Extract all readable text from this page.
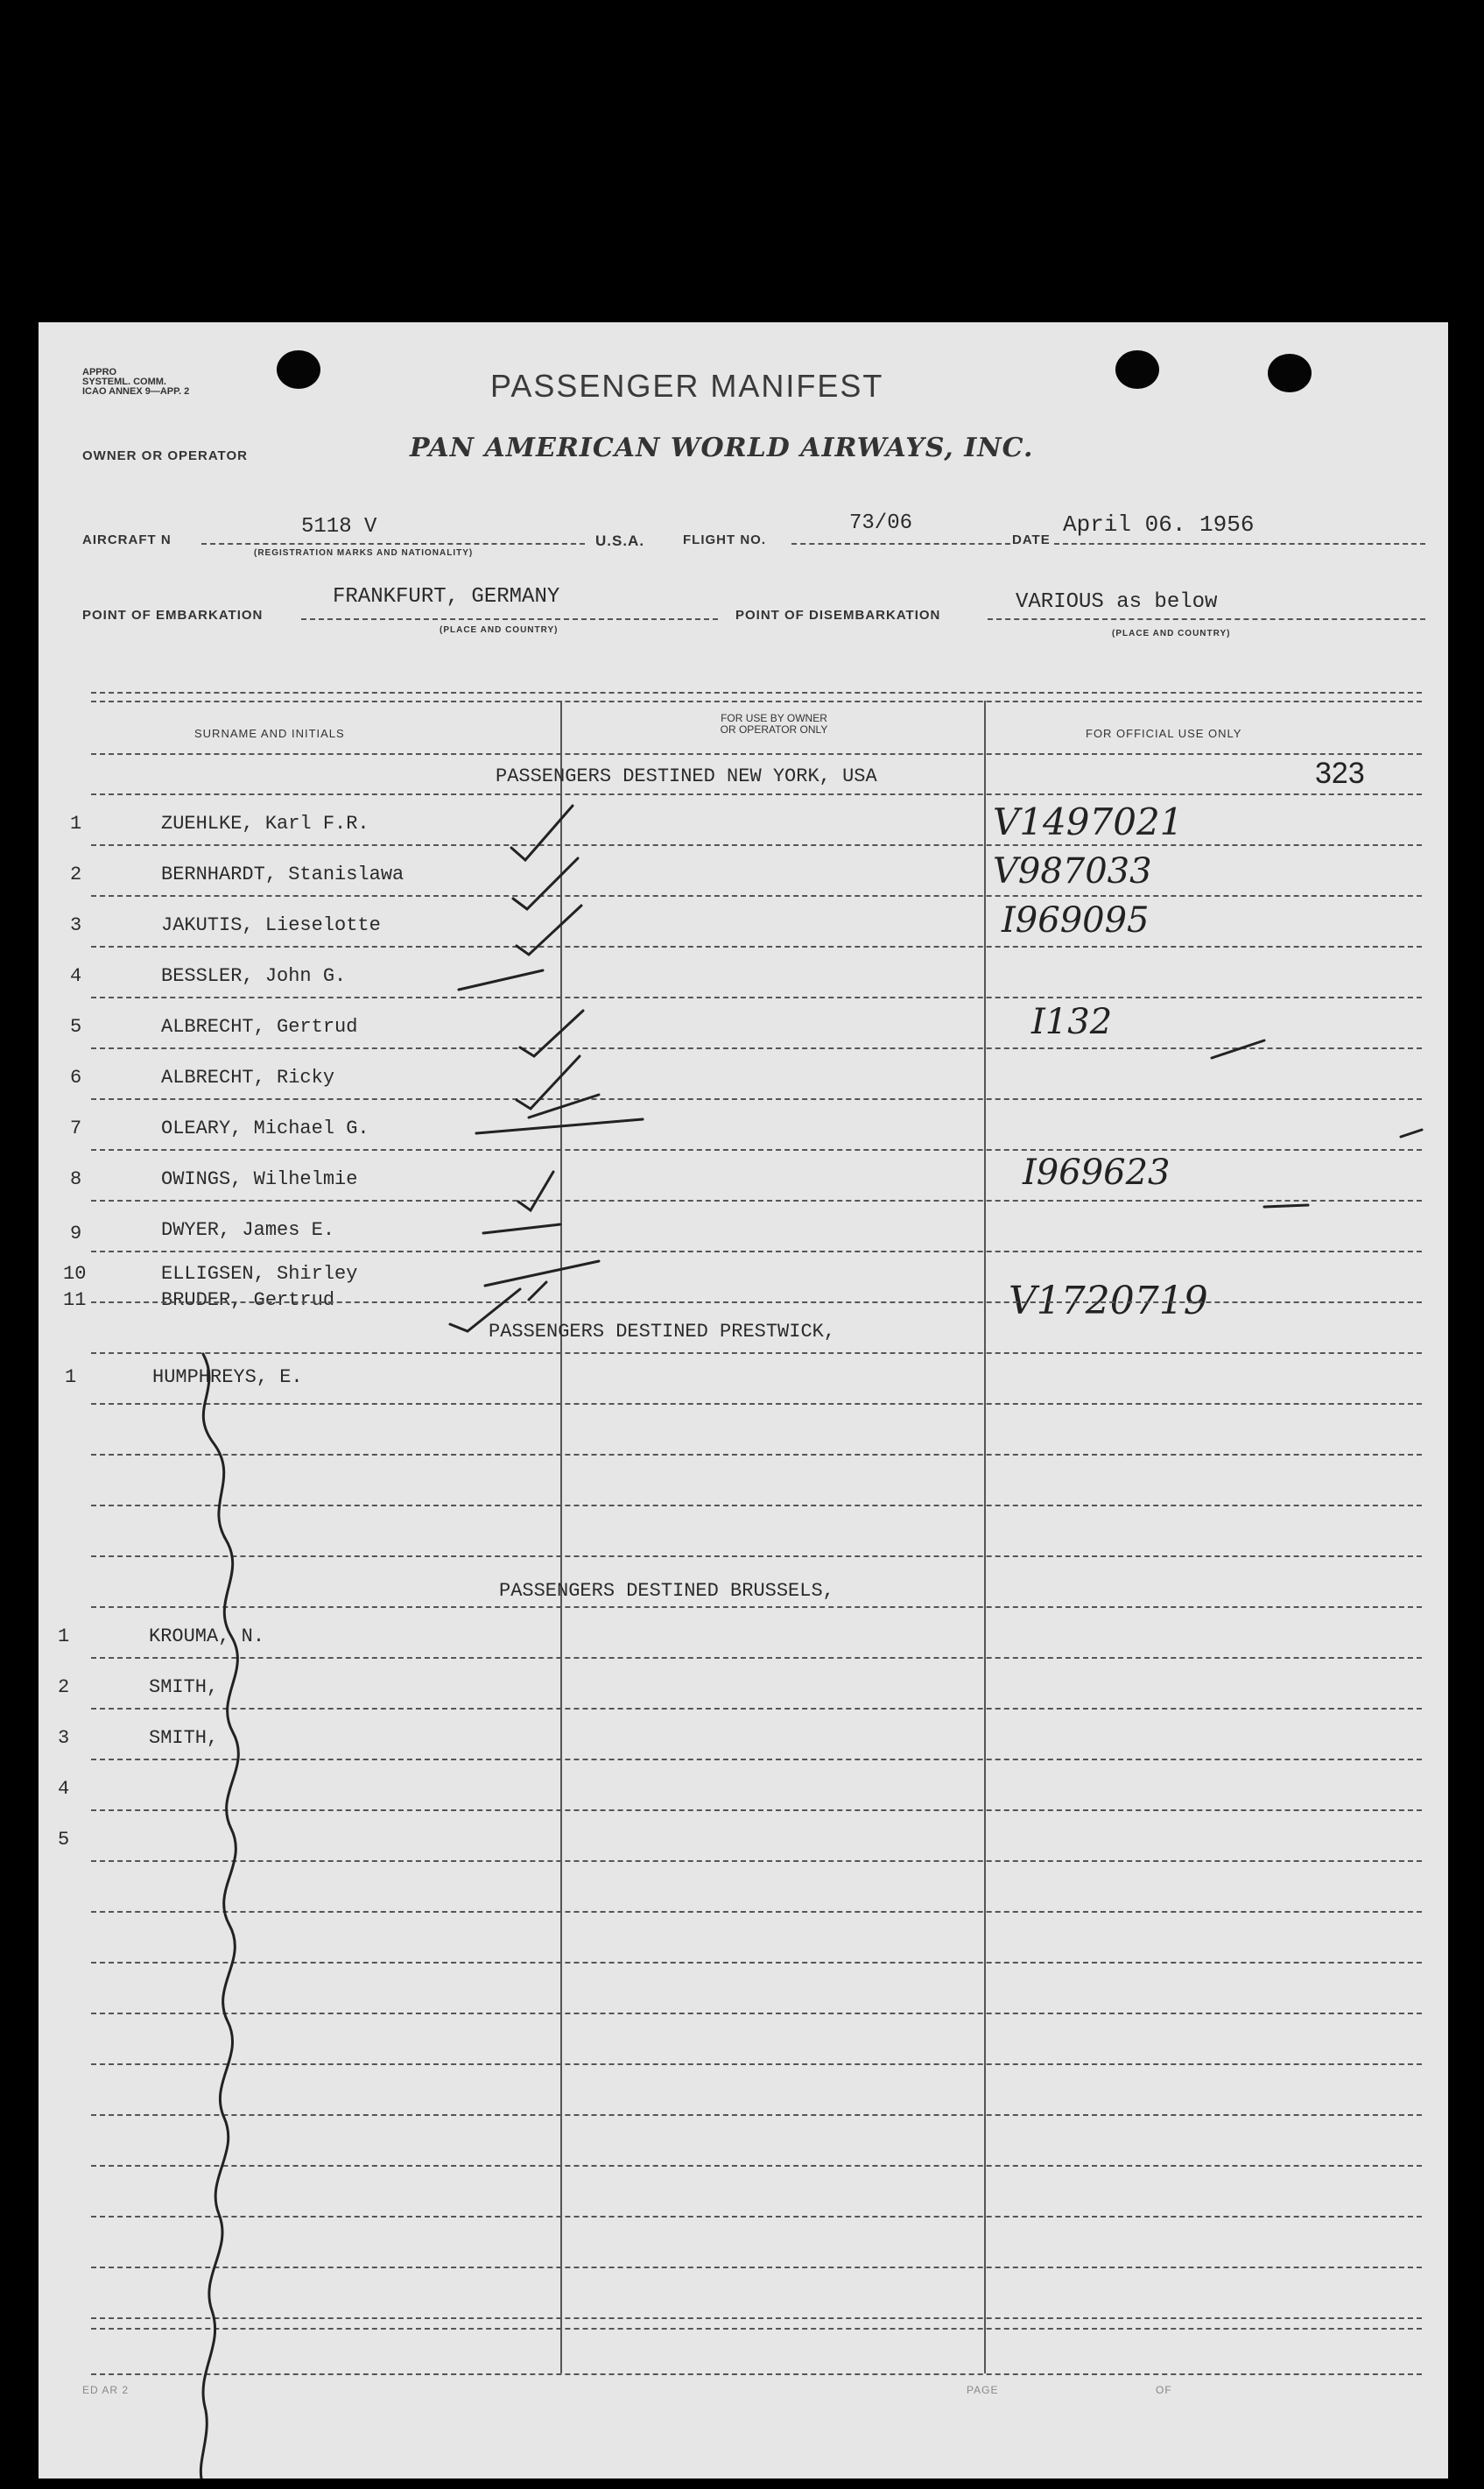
APPRO
SYSTEML. COMM.
ICAO ANNEX 9—APP. 2	PASSENGER MANIFEST
OWNER OR OPERATOR	PAN AMERICAN WORLD AIRWAYS, INC.
AIRCRAFT N
5118 V
(REGISTRATION MARKS AND NATIONALITY)
U.S.A.	FLIGHT NO.
73/06
DATE
April 06. 1956
POINT OF EMBARKATION
FRANKFURT, GERMANY
(PLACE AND COUNTRY)
POINT OF DISEMBARKATION
VARIOUS as below
(PLACE AND COUNTRY)
SURNAME AND INITIALS
FOR USE BY OWNER
OR OPERATOR ONLY	FOR OFFICIAL USE ONLY
323
PASSENGERS DESTINED NEW YORK, USA
1	ZUEHLKE, Karl F.R.	V1497021
2	BERNHARDT, Stanislawa	V987033
3	JAKUTIS, Lieselotte	I969095
4	BESSLER, John G.
5	ALBRECHT, Gertrud	I132
6	ALBRECHT, Ricky
7	OLEARY, Michael G.
8	OWINGS, Wilhelmie	I969623
9	DWYER, James E.
10	ELLIGSEN, Shirley
11	BRUDER, Gertrud	V1720719
PASSENGERS DESTINED PRESTWICK,
1	HUMPHREYS, E.
PASSENGERS DESTINED BRUSSELS,
1	KROUMA, N.
2	SMITH,
3	SMITH,
4
5
ED AR 2	PAGE	OF
